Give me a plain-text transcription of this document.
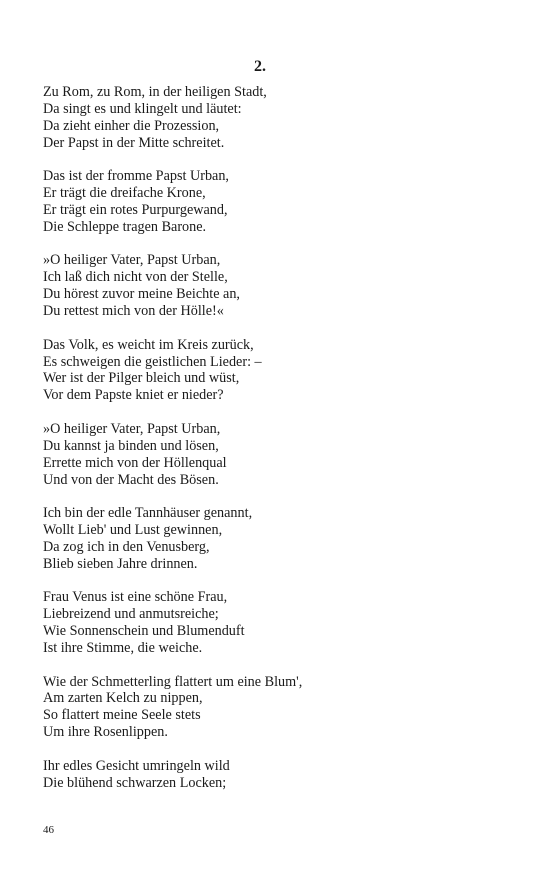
2.
Zu Rom, zu Rom, in der heiligen Stadt,
Da singt es und klingelt und läutet:
Da zieht einher die Prozession,
Der Papst in der Mitte schreitet.
Das ist der fromme Papst Urban,
Er trägt die dreifache Krone,
Er trägt ein rotes Purpurgewand,
Die Schleppe tragen Barone.
»O heiliger Vater, Papst Urban,
Ich laß dich nicht von der Stelle,
Du hörest zuvor meine Beichte an,
Du rettest mich von der Hölle!«
Das Volk, es weicht im Kreis zurück,
Es schweigen die geistlichen Lieder: –
Wer ist der Pilger bleich und wüst,
Vor dem Papste kniet er nieder?
»O heiliger Vater, Papst Urban,
Du kannst ja binden und lösen,
Errette mich von der Höllenqual
Und von der Macht des Bösen.
Ich bin der edle Tannhäuser genannt,
Wollt Lieb' und Lust gewinnen,
Da zog ich in den Venusberg,
Blieb sieben Jahre drinnen.
Frau Venus ist eine schöne Frau,
Liebreizend und anmutsreiche;
Wie Sonnenschein und Blumenduft
Ist ihre Stimme, die weiche.
Wie der Schmetterling flattert um eine Blum',
Am zarten Kelch zu nippen,
So flattert meine Seele stets
Um ihre Rosenlippen.
Ihr edles Gesicht umringeln wild
Die blühend schwarzen Locken;
46
